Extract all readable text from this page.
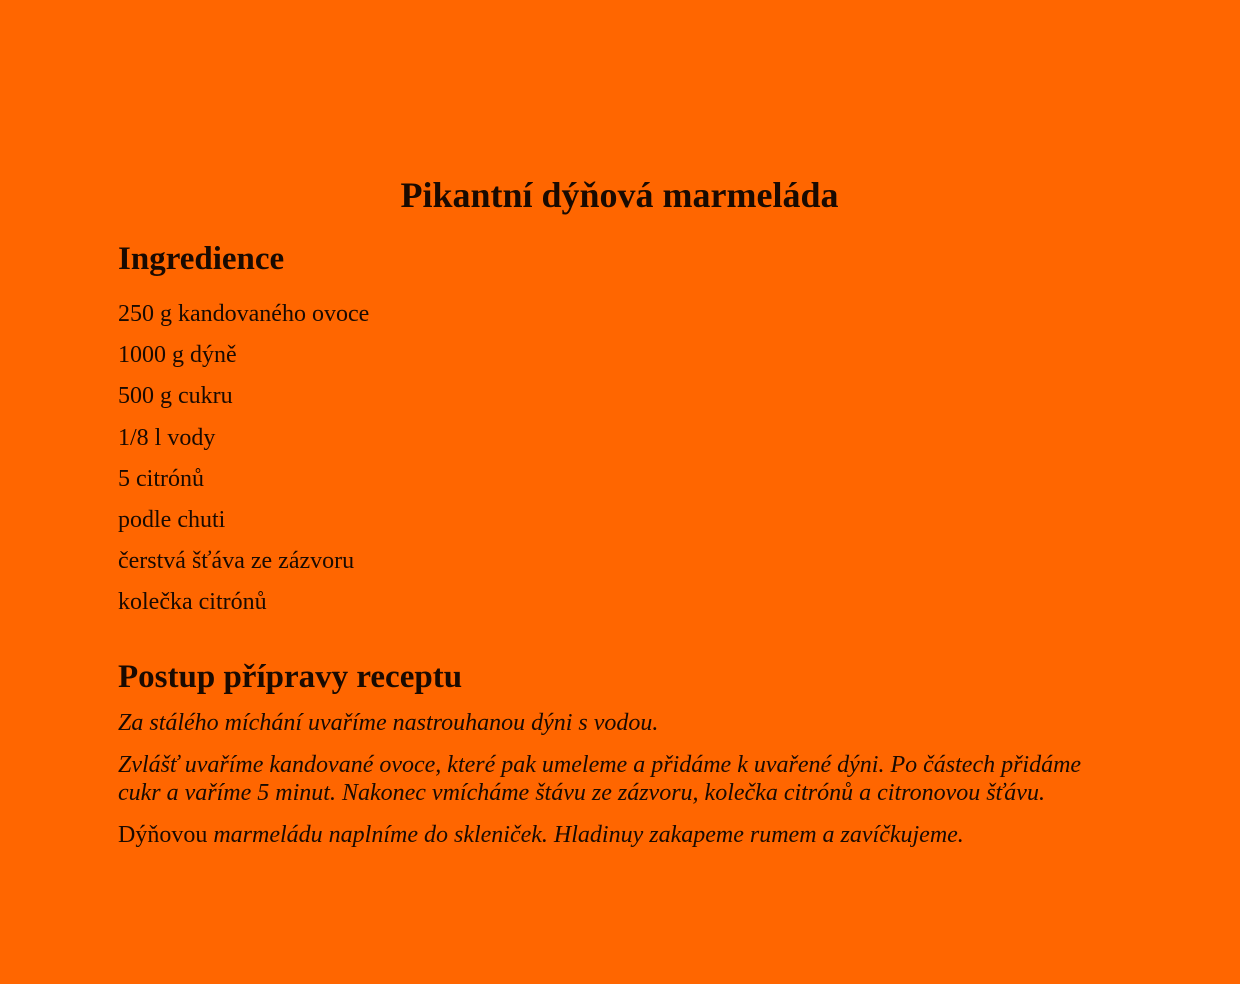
Pikantní dýňová marmeláda
Ingredience
250 g kandovaného ovoce
1000 g dýně
500 g cukru
1/8 l vody
5 citrónů
podle chuti
čerstvá šťáva ze zázvoru
kolečka citrónů
Postup přípravy receptu

Za stálého míchání uvaříme nastrouhanou dýni s vodou.

Zvlášť uvaříme kandované ovoce, které pak umeleme a přidáme k uvařené dýni. Po částech přidáme cukr a vaříme 5 minut. Nakonec vmícháme štávu ze zázvoru, kolečka citrónů a citronovou šťávu.

Dýňovou marmeládu naplníme do skleniček. Hladinuy zakapeme rumem a zavíčkujeme.
